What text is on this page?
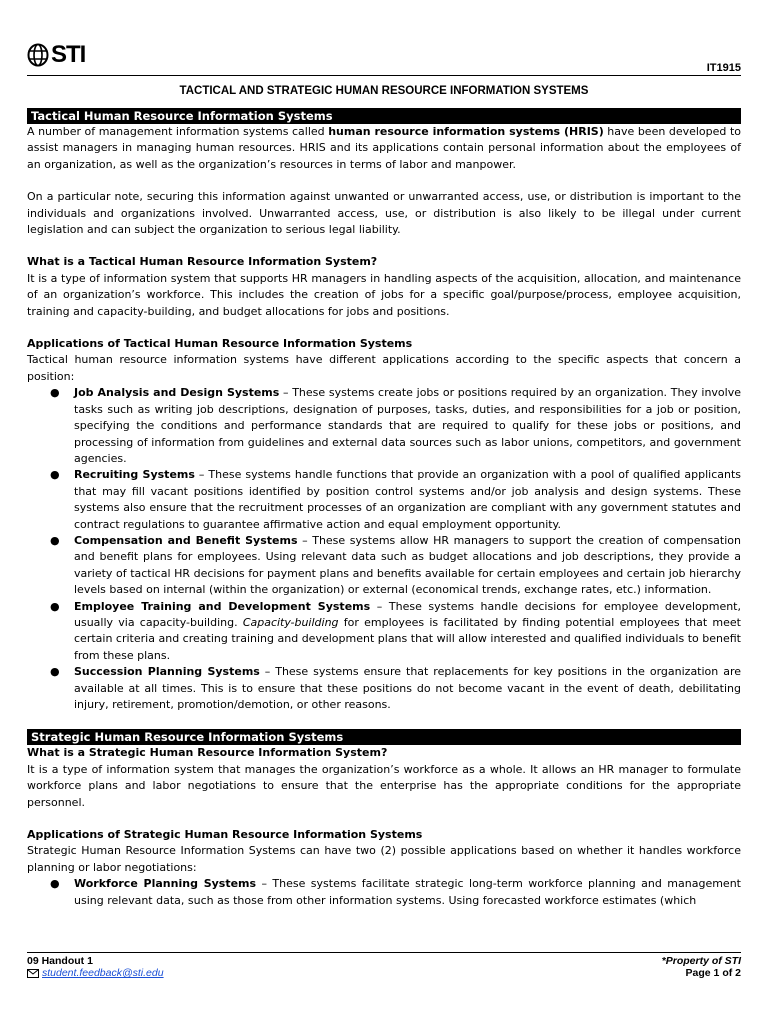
STI	IT1915
TACTICAL AND STRATEGIC HUMAN RESOURCE INFORMATION SYSTEMS
Tactical Human Resource Information Systems

A number of management information systems called human resource information systems (HRIS) have been developed to assist managers in managing human resources. HRIS and its applications contain personal information about the employees of an organization, as well as the organization’s resources in terms of labor and manpower.

On a particular note, securing this information against unwanted or unwarranted access, use, or distribution is important to the individuals and organizations involved. Unwarranted access, use, or distribution is also likely to be illegal under current legislation and can subject the organization to serious legal liability.

What is a Tactical Human Resource Information System?

It is a type of information system that supports HR managers in handling aspects of the acquisition, allocation, and maintenance of an organization’s workforce. This includes the creation of jobs for a specific goal/purpose/process, employee acquisition, training and capacity-building, and budget allocations for jobs and positions.

Applications of Tactical Human Resource Information Systems

Tactical human resource information systems have different applications according to the specific aspects that concern a position:

● Job Analysis and Design Systems – These systems create jobs or positions required by an organization. They involve tasks such as writing job descriptions, designation of purposes, tasks, duties, and responsibilities for a job or position, specifying the conditions and performance standards that are required to qualify for these jobs or positions, and processing of information from guidelines and external data sources such as labor unions, competitors, and government agencies.
● Recruiting Systems – These systems handle functions that provide an organization with a pool of qualified applicants that may fill vacant positions identified by position control systems and/or job analysis and design systems. These systems also ensure that the recruitment processes of an organization are compliant with any government statutes and contract regulations to guarantee affirmative action and equal employment opportunity.
● Compensation and Benefit Systems – These systems allow HR managers to support the creation of compensation and benefit plans for employees. Using relevant data such as budget allocations and job descriptions, they provide a variety of tactical HR decisions for payment plans and benefits available for certain employees and certain job hierarchy levels based on internal (within the organization) or external (economical trends, exchange rates, etc.) information.
● Employee Training and Development Systems – These systems handle decisions for employee development, usually via capacity-building. Capacity-building for employees is facilitated by finding potential employees that meet certain criteria and creating training and development plans that will allow interested and qualified individuals to benefit from these plans.
● Succession Planning Systems – These systems ensure that replacements for key positions in the organization are available at all times. This is to ensure that these positions do not become vacant in the event of death, debilitating injury, retirement, promotion/demotion, or other reasons.
Strategic Human Resource Information Systems

What is a Strategic Human Resource Information System?

It is a type of information system that manages the organization’s workforce as a whole. It allows an HR manager to formulate workforce plans and labor negotiations to ensure that the enterprise has the appropriate conditions for the appropriate personnel.

Applications of Strategic Human Resource Information Systems

Strategic Human Resource Information Systems can have two (2) possible applications based on whether it handles workforce planning or labor negotiations:

● Workforce Planning Systems – These systems facilitate strategic long-term workforce planning and management using relevant data, such as those from other information systems. Using forecasted workforce estimates (which
09 Handout 1
student.feedback@sti.edu
*Property of STI
Page 1 of 2
